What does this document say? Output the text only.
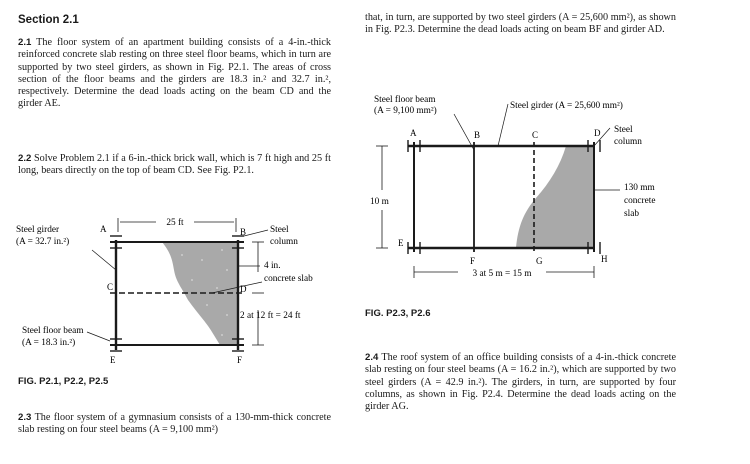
Section 2.1
2.1 The floor system of an apartment building consists of a 4-in.-thick reinforced concrete slab resting on three steel floor beams, which in turn are supported by two steel girders, as shown in Fig. P2.1. The areas of cross section of the floor beams and the girders are 18.3 in.² and 32.7 in.², respectively. Determine the dead loads acting on the beam CD and the girder AE.
2.2 Solve Problem 2.1 if a 6-in.-thick brick wall, which is 7 ft high and 25 ft long, bears directly on the top of beam CD. See Fig. P2.1.
25 ft
A	B
C	D
E	F
Steel girder
(A = 32.7 in.²)
Steel
column
4 in.
concrete slab
2 at 12 ft = 24 ft
Steel floor beam
(A = 18.3 in.²)
FIG. P2.1, P2.2, P2.5
2.3 The floor system of a gymnasium consists of a 130-mm-thick concrete slab resting on four steel beams (A = 9,100 mm²)
that, in turn, are supported by two steel girders (A = 25,600 mm²), as shown in Fig. P2.3. Determine the dead loads acting on beam BF and girder AD.
10 m
3 at 5 m = 15 m
A	B	C	D
E
F	G	H
Steel floor beam
(A = 9,100 mm²)	Steel girder (A = 25,600 mm²)
Steel
column
130 mm
concrete
slab
FIG. P2.3, P2.6
2.4 The roof system of an office building consists of a 4-in.-thick concrete slab resting on four steel beams (A = 16.2 in.²), which are supported by two steel girders (A = 42.9 in.²). The girders, in turn, are supported by four columns, as shown in Fig. P2.4. Determine the dead loads acting on the girder AG.
